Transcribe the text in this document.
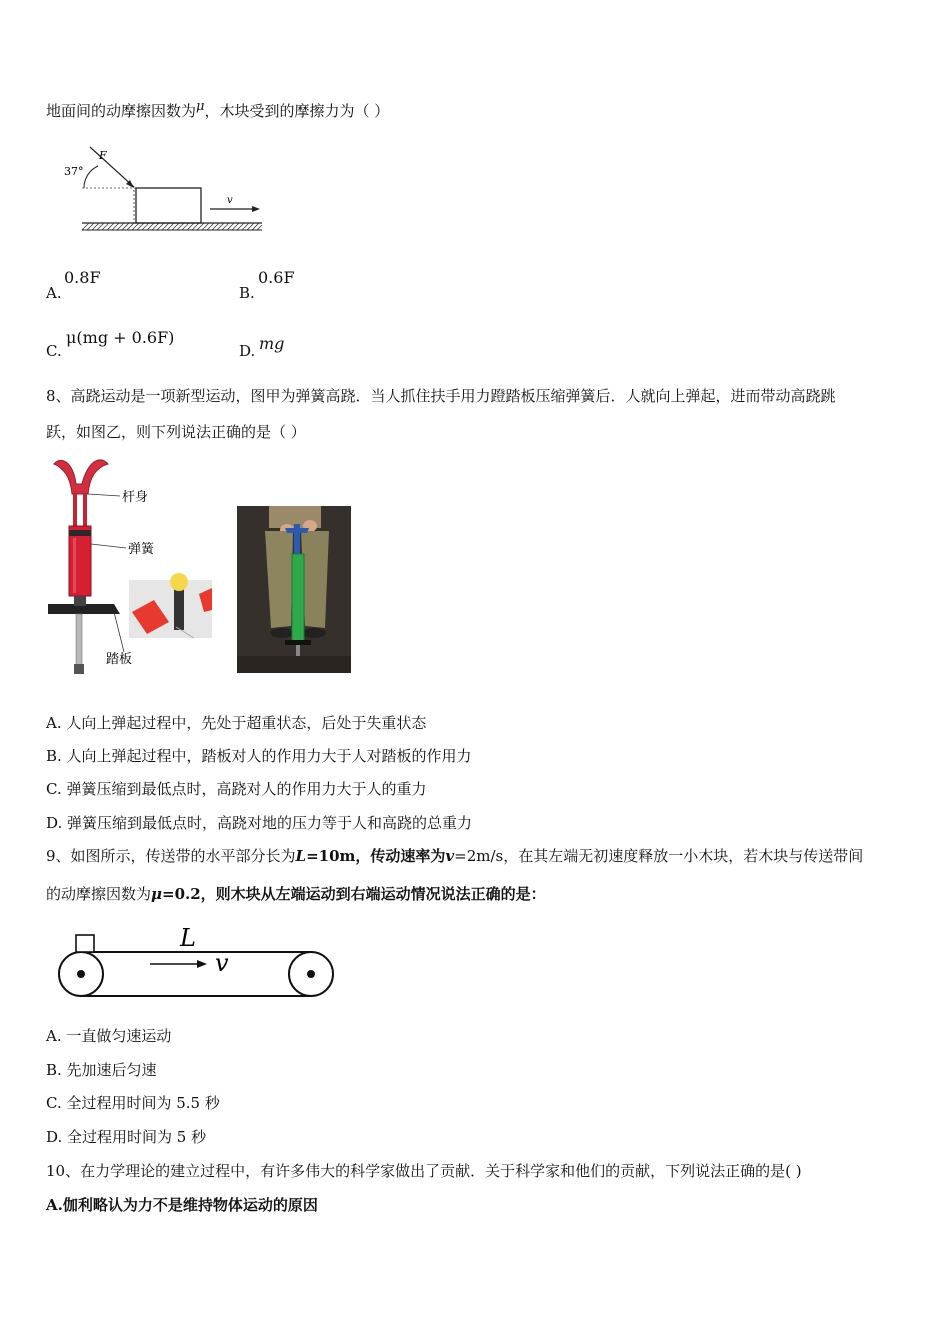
地面间的动摩擦因数为μ，木块受到的摩擦力为（ ）
37°
F
v
A.
0.8F
B.
0.6F
C.
μ(mg + 0.6F)
D. mg
8、高跷运动是一项新型运动，图甲为弹簧高跷．当人抓住扶手用力蹬踏板压缩弹簧后．人就向上弹起，进而带动高跷跳
跃，如图乙，则下列说法正确的是（ ）
杆身
弹簧
踏板
A. 人向上弹起过程中，先处于超重状态，后处于失重状态
B. 人向上弹起过程中，踏板对人的作用力大于人对踏板的作用力
C. 弹簧压缩到最低点时，高跷对人的作用力大于人的重力
D. 弹簧压缩到最低点时，高跷对地的压力等于人和高跷的总重力
9、如图所示，传送带的水平部分长为L=10m，传动速率为v=2m/s，在其左端无初速度释放一小木块，若木块与传送带间
的动摩擦因数为μ=0.2，则木块从左端运动到右端运动情况说法正确的是：
L
v
A. 一直做匀速运动
B. 先加速后匀速
C. 全过程用时间为 5.5 秒
D. 全过程用时间为 5 秒
10、在力学理论的建立过程中，有许多伟大的科学家做出了贡献．关于科学家和他们的贡献，下列说法正确的是( )
A.伽利略认为力不是维持物体运动的原因
